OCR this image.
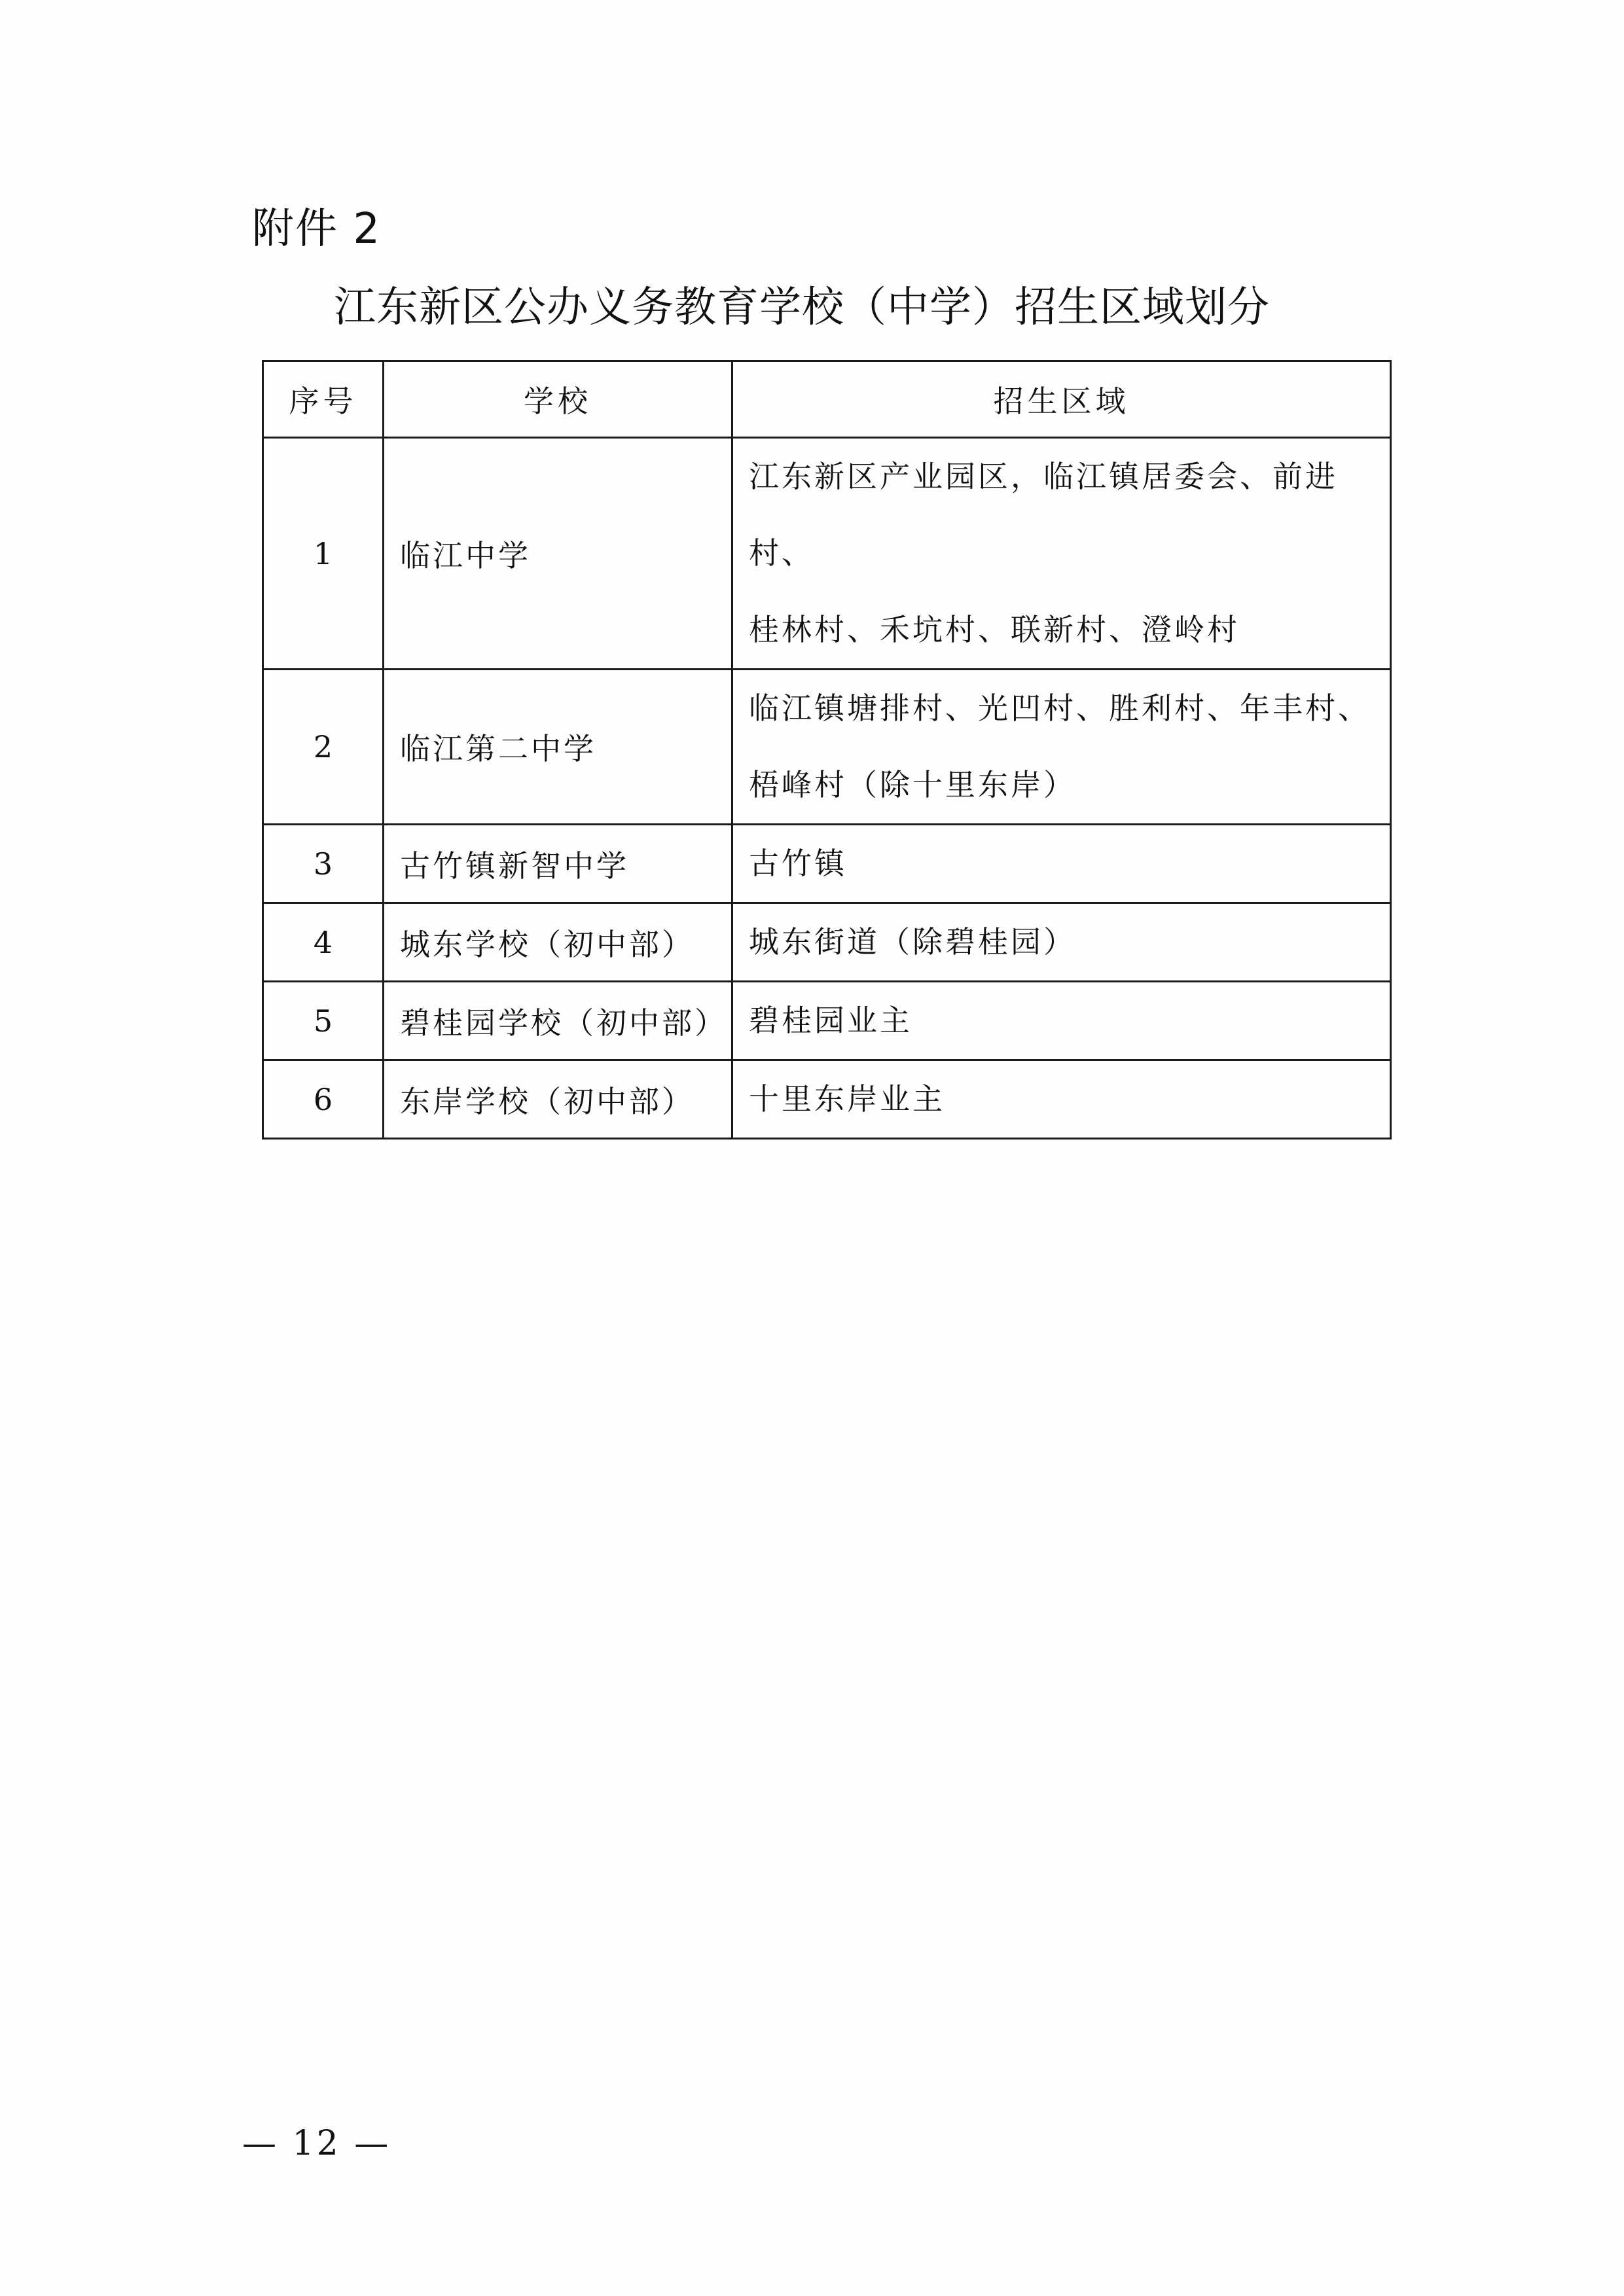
附件 2
江东新区公办义务教育学校（中学）招生区域划分
序号	学校	招生区域
1	临江中学	江东新区产业园区，临江镇居委会、前进村、
桂林村、禾坑村、联新村、澄岭村

2	临江第二中学	临江镇塘排村、光凹村、胜利村、年丰村、
梧峰村（除十里东岸）

3	古竹镇新智中学	古竹镇
4	城东学校（初中部）	城东街道（除碧桂园）
5	碧桂园学校（初中部）	碧桂园业主
6	东岸学校（初中部）	十里东岸业主
— 12 —
